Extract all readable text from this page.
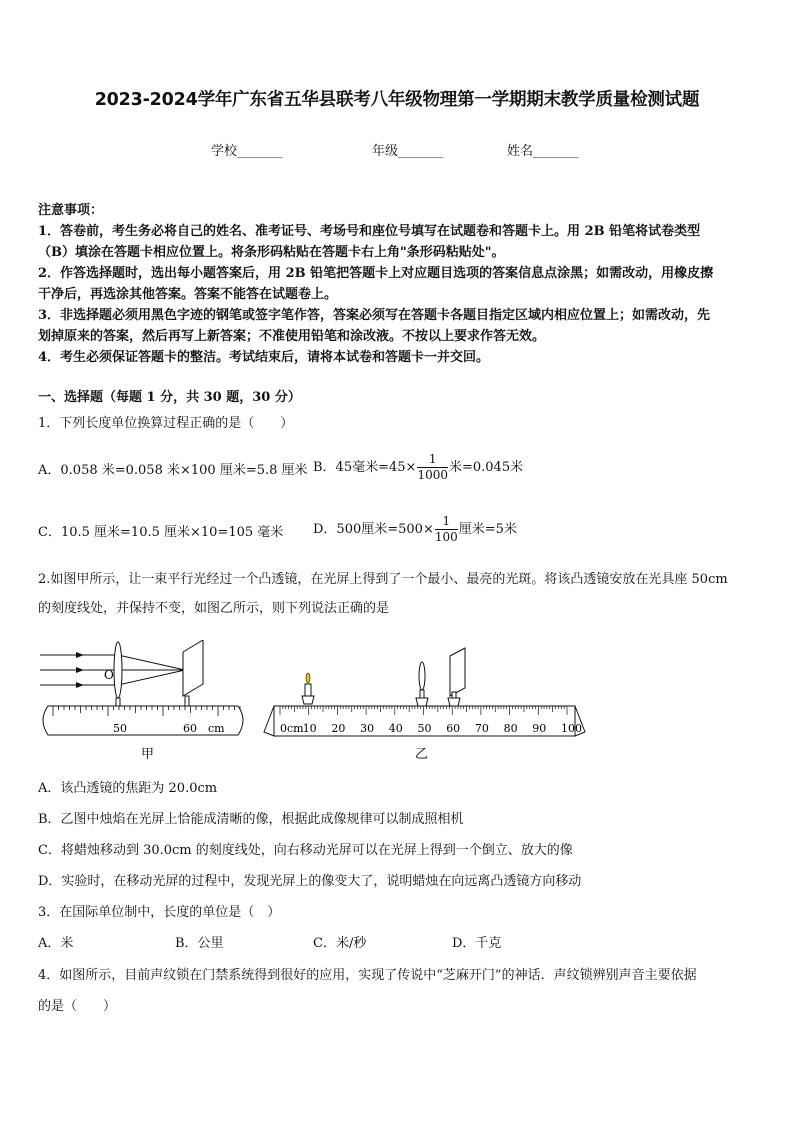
2023-2024学年广东省五华县联考八年级物理第一学期期末教学质量检测试题
学校_______	年级_______	姓名_______
注意事项：
1．答卷前，考生务必将自己的姓名、准考证号、考场号和座位号填写在试题卷和答题卡上。用 2B 铅笔将试卷类型
（B）填涂在答题卡相应位置上。将条形码粘贴在答题卡右上角"条形码粘贴处"。
2．作答选择题时，选出每小题答案后，用 2B 铅笔把答题卡上对应题目选项的答案信息点涂黑；如需改动，用橡皮擦
干净后，再选涂其他答案。答案不能答在试题卷上。
3．非选择题必须用黑色字迹的钢笔或签字笔作答，答案必须写在答题卡各题目指定区域内相应位置上；如需改动，先
划掉原来的答案，然后再写上新答案；不准使用铅笔和涂改液。不按以上要求作答无效。
4．考生必须保证答题卡的整洁。考试结束后，请将本试卷和答题卡一并交回。
一、选择题（每题 1 分，共 30 题，30 分）
1．下列长度单位换算过程正确的是（　　）
A．0.058 米=0.058 米×100 厘米=5.8 厘米 B．45毫米$=45\times \frac{1}{1000}$ 米=0.045米
C．10.5 厘米=10.5 厘米×10=105 毫米 D．500厘米$=500\times \frac{1}{100}$ 厘米=5米
2.如图甲所示，让一束平行光经过一个凸透镜，在光屏上得到了一个最小、最亮的光斑。将该凸透镜安放在光具座 50cm
的刻度线处，并保持不变，如图乙所示，则下列说法正确的是
O
50	60 cm
甲
0cm 10 20 30 40 50 60 70 80 90 100
乙
A．该凸透镜的焦距为 20.0cm
B．乙图中烛焰在光屏上恰能成清晰的像，根据此成像规律可以制成照相机
C．将蜡烛移动到 30.0cm 的刻度线处，向右移动光屏可以在光屏上得到一个倒立、放大的像
D．实验时，在移动光屏的过程中，发现光屏上的像变大了，说明蜡烛在向远离凸透镜方向移动
3．在国际单位制中，长度的单位是（　）
A．米	B．公里	C．米/秒	D．千克
4．如图所示，目前声纹锁在门禁系统得到很好的应用，实现了传说中“芝麻开门”的神话．声纹锁辨别声音主要依据
的是（　　）
